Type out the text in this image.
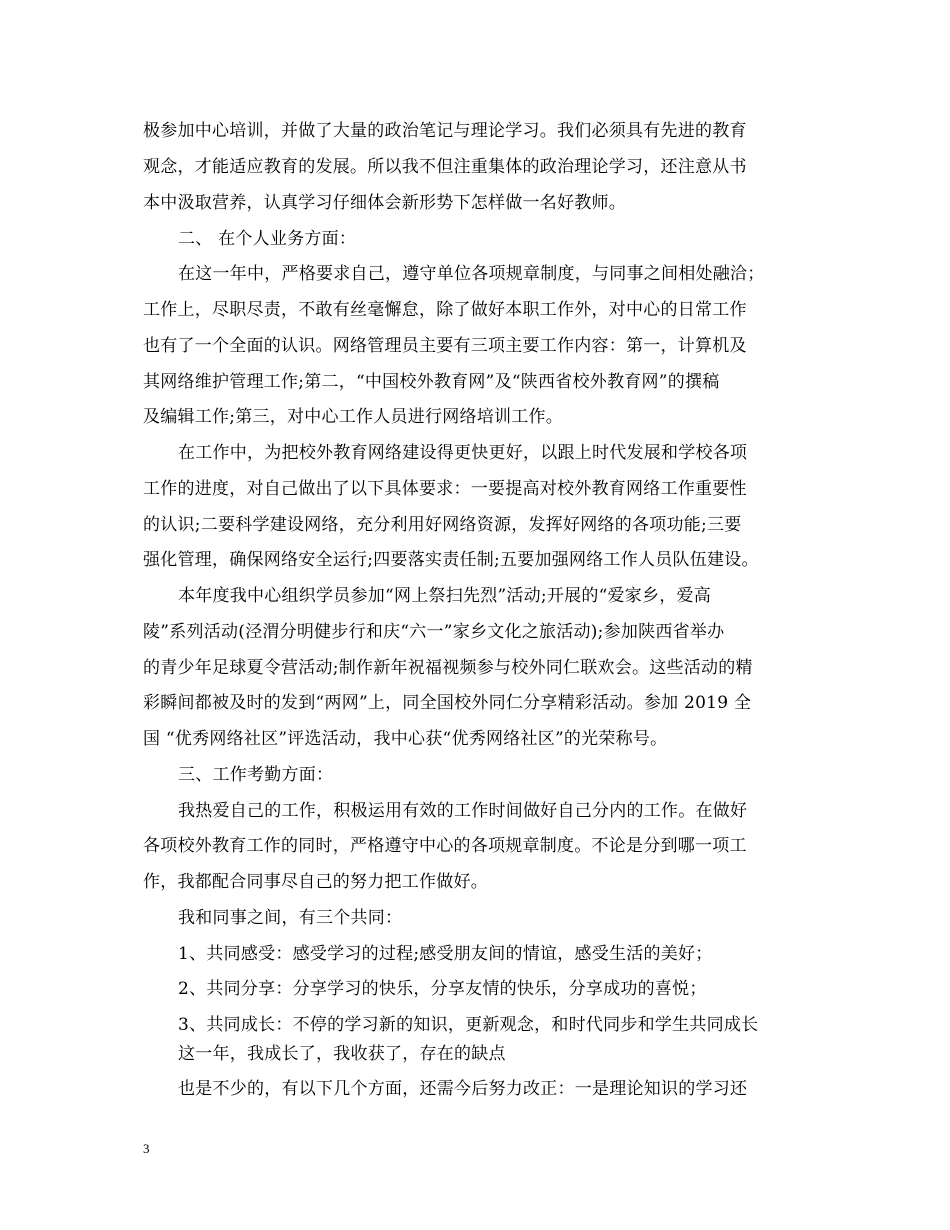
极参加中心培训，并做了大量的政治笔记与理论学习。我们必须具有先进的教育
观念，才能适应教育的发展。所以我不但注重集体的政治理论学习，还注意从书
本中汲取营养，认真学习仔细体会新形势下怎样做一名好教师。
二、 在个人业务方面：
在这一年中，严格要求自己，遵守单位各项规章制度，与同事之间相处融洽；
工作上，尽职尽责，不敢有丝毫懈怠，除了做好本职工作外，对中心的日常工作
也有了一个全面的认识。网络管理员主要有三项主要工作内容：第一，计算机及
其网络维护管理工作;第二，“中国校外教育网”及“陕西省校外教育网”的撰稿
及编辑工作;第三，对中心工作人员进行网络培训工作。
在工作中，为把校外教育网络建设得更快更好，以跟上时代发展和学校各项
工作的进度，对自己做出了以下具体要求：一要提高对校外教育网络工作重要性
的认识;二要科学建设网络，充分利用好网络资源，发挥好网络的各项功能;三要
强化管理，确保网络安全运行;四要落实责任制;五要加强网络工作人员队伍建设。
本年度我中心组织学员参加“网上祭扫先烈”活动;开展的“爱家乡，爱高
陵”系列活动(泾渭分明健步行和庆“六一”家乡文化之旅活动);参加陕西省举办
的青少年足球夏令营活动;制作新年祝福视频参与校外同仁联欢会。这些活动的精
彩瞬间都被及时的发到“两网”上，同全国校外同仁分享精彩活动。参加 2019 全
国 “优秀网络社区”评选活动，我中心获“优秀网络社区”的光荣称号。
三、工作考勤方面：
我热爱自己的工作，积极运用有效的工作时间做好自己分内的工作。在做好
各项校外教育工作的同时，严格遵守中心的各项规章制度。不论是分到哪一项工
作，我都配合同事尽自己的努力把工作做好。
我和同事之间，有三个共同：
1、共同感受：感受学习的过程;感受朋友间的情谊，感受生活的美好；
2、共同分享：分享学习的快乐，分享友情的快乐，分享成功的喜悦；
3、共同成长：不停的学习新的知识，更新观念，和时代同步和学生共同成长
这一年，我成长了，我收获了，存在的缺点
也是不少的，有以下几个方面，还需今后努力改正：一是理论知识的学习还
3
